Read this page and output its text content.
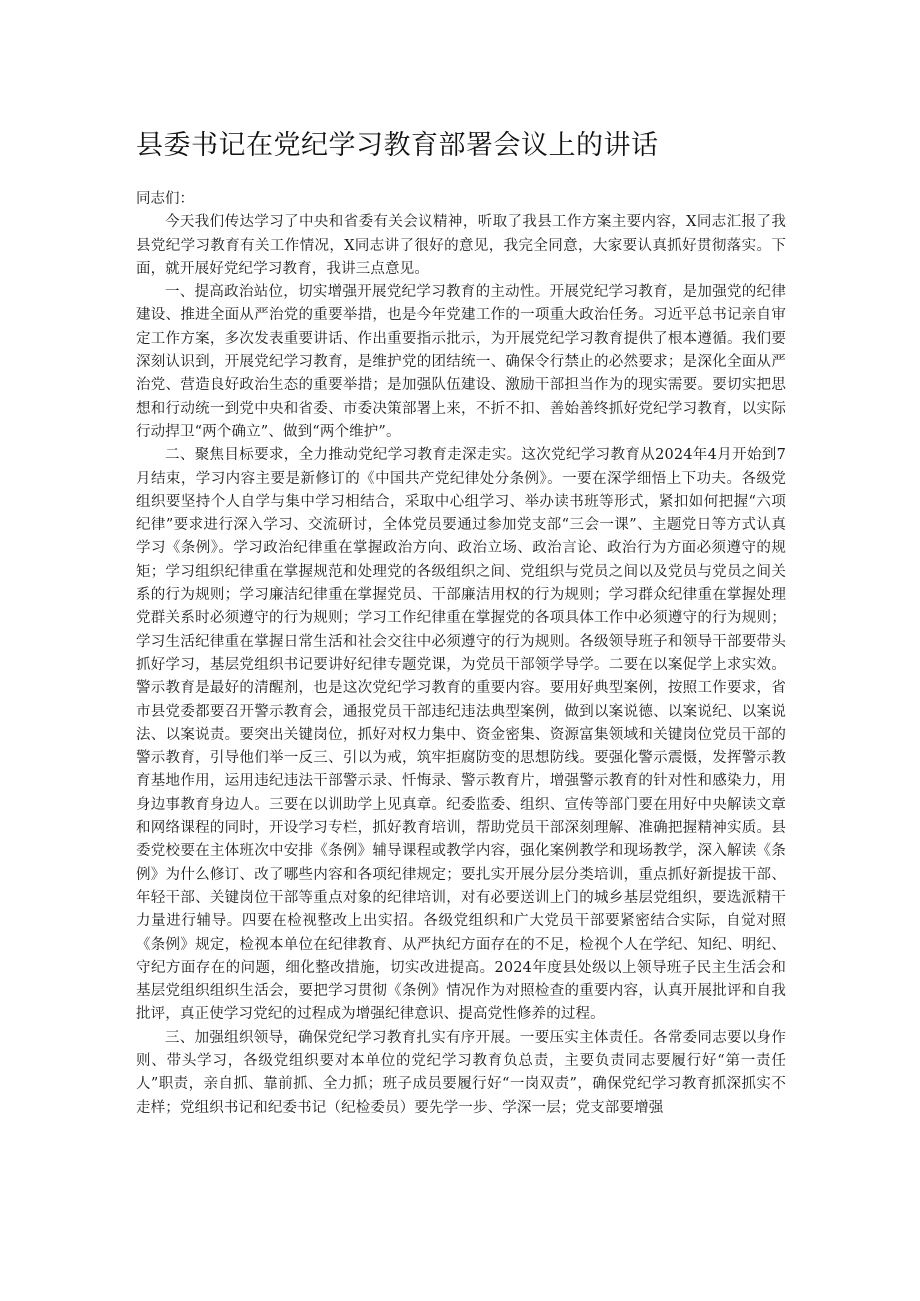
县委书记在党纪学习教育部署会议上的讲话

同志们：

今天我们传达学习了中央和省委有关会议精神，听取了我县工作方案主要内容，X同志汇报了我县党纪学习教育有关工作情况，X同志讲了很好的意见，我完全同意，大家要认真抓好贯彻落实。下面，就开展好党纪学习教育，我讲三点意见。

一、提高政治站位，切实增强开展党纪学习教育的主动性。开展党纪学习教育，是加强党的纪律建设、推进全面从严治党的重要举措，也是今年党建工作的一项重大政治任务。习近平总书记亲自审定工作方案，多次发表重要讲话、作出重要指示批示，为开展党纪学习教育提供了根本遵循。我们要深刻认识到，开展党纪学习教育，是维护党的团结统一、确保令行禁止的必然要求；是深化全面从严治党、营造良好政治生态的重要举措；是加强队伍建设、激励干部担当作为的现实需要。要切实把思想和行动统一到党中央和省委、市委决策部署上来，不折不扣、善始善终抓好党纪学习教育，以实际行动捍卫“两个确立”、做到“两个维护”。

二、聚焦目标要求，全力推动党纪学习教育走深走实。这次党纪学习教育从2024年4月开始到7月结束，学习内容主要是新修订的《中国共产党纪律处分条例》。一要在深学细悟上下功夫。各级党组织要坚持个人自学与集中学习相结合，采取中心组学习、举办读书班等形式，紧扣如何把握“六项纪律”要求进行深入学习、交流研讨，全体党员要通过参加党支部“三会一课”、主题党日等方式认真学习《条例》。学习政治纪律重在掌握政治方向、政治立场、政治言论、政治行为方面必须遵守的规矩；学习组织纪律重在掌握规范和处理党的各级组织之间、党组织与党员之间以及党员与党员之间关系的行为规则；学习廉洁纪律重在掌握党员、干部廉洁用权的行为规则；学习群众纪律重在掌握处理党群关系时必须遵守的行为规则；学习工作纪律重在掌握党的各项具体工作中必须遵守的行为规则；学习生活纪律重在掌握日常生活和社会交往中必须遵守的行为规则。各级领导班子和领导干部要带头抓好学习，基层党组织书记要讲好纪律专题党课，为党员干部领学导学。二要在以案促学上求实效。警示教育是最好的清醒剂，也是这次党纪学习教育的重要内容。要用好典型案例，按照工作要求，省市县党委都要召开警示教育会，通报党员干部违纪违法典型案例，做到以案说德、以案说纪、以案说法、以案说责。要突出关键岗位，抓好对权力集中、资金密集、资源富集领域和关键岗位党员干部的警示教育，引导他们举一反三、引以为戒，筑牢拒腐防变的思想防线。要强化警示震慑，发挥警示教育基地作用，运用违纪违法干部警示录、忏悔录、警示教育片，增强警示教育的针对性和感染力，用身边事教育身边人。三要在以训助学上见真章。纪委监委、组织、宣传等部门要在用好中央解读文章和网络课程的同时，开设学习专栏，抓好教育培训，帮助党员干部深刻理解、准确把握精神实质。县委党校要在主体班次中安排《条例》辅导课程或教学内容，强化案例教学和现场教学，深入解读《条例》为什么修订、改了哪些内容和各项纪律规定；要扎实开展分层分类培训，重点抓好新提拔干部、年轻干部、关键岗位干部等重点对象的纪律培训，对有必要送训上门的城乡基层党组织，要选派精干力量进行辅导。四要在检视整改上出实招。各级党组织和广大党员干部要紧密结合实际，自觉对照《条例》规定，检视本单位在纪律教育、从严执纪方面存在的不足，检视个人在学纪、知纪、明纪、守纪方面存在的问题，细化整改措施，切实改进提高。2024年度县处级以上领导班子民主生活会和基层党组织组织生活会，要把学习贯彻《条例》情况作为对照检查的重要内容，认真开展批评和自我批评，真正使学习党纪的过程成为增强纪律意识、提高党性修养的过程。

三、加强组织领导，确保党纪学习教育扎实有序开展。一要压实主体责任。各常委同志要以身作则、带头学习，各级党组织要对本单位的党纪学习教育负总责，主要负责同志要履行好“第一责任人”职责，亲自抓、靠前抓、全力抓；班子成员要履行好“一岗双责”，确保党纪学习教育抓深抓实不走样；党组织书记和纪委书记（纪检委员）要先学一步、学深一层；党支部要增强
